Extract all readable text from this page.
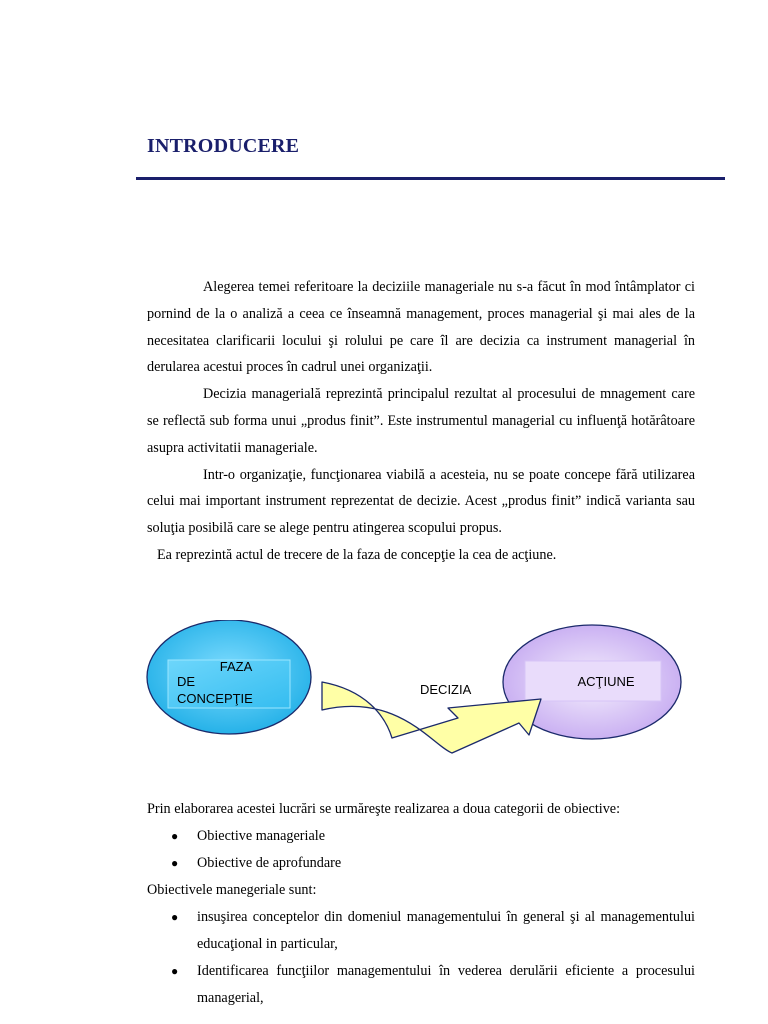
INTRODUCERE

Alegerea temei referitoare la deciziile manageriale nu s-a făcut în mod întâmplator ci pornind de la o analiză a ceea ce înseamnă management, proces managerial şi mai ales de la necesitatea clarificarii locului şi rolului pe care îl are decizia ca instrument managerial în derularea acestui proces în cadrul unei organizaţii.

Decizia managerială reprezintă principalul rezultat al procesului de mnagement care se reflectă sub forma unui „produs finit”. Este instrumentul managerial cu influenţă hotărâtoare asupra activitatii manageriale.

Intr-o organizaţie, funcţionarea viabilă a acesteia, nu se poate concepe fără utilizarea celui mai important instrument reprezentat de decizie. Acest „produs finit” indică varianta sau soluţia posibilă care se alege pentru atingerea scopului propus.

Ea reprezintă actul de trecere de la faza de concepţie la cea de acţiune.

FAZA
DE
CONCEPŢIE
DECIZIA
ACŢIUNE

Prin elaborarea acestei lucrări se urmăreşte realizarea a doua categorii de obiective:

● Obiective manageriale
● Obiective de aprofundare

Obiectivele manegeriale sunt:

● insuşirea conceptelor din domeniul managementului în general şi al managementului educaţional in particular,
● Identificarea funcţiilor managementului în vederea derulării eficiente a procesului managerial,
